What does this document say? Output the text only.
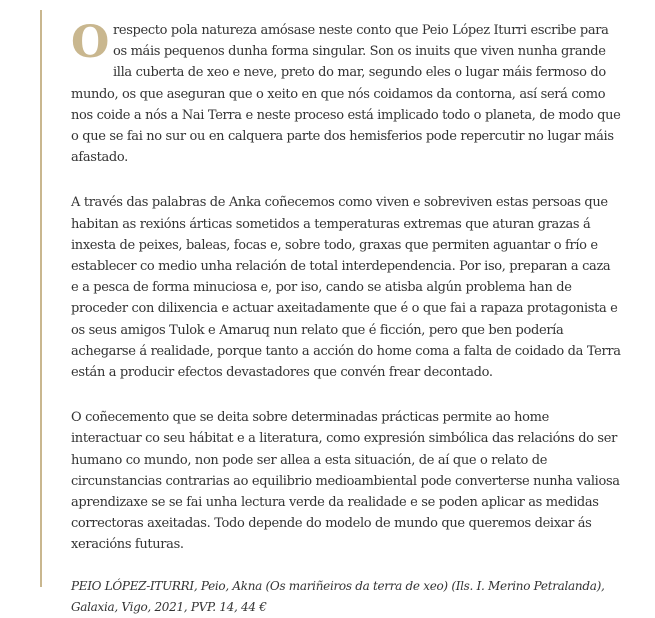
Orespecto pola natureza amósase neste conto que Peio López Iturri escribe para os máis pequenos dunha forma singular. Son os inuits que viven nunha grande illa cuberta de xeo e neve, preto do mar, segundo eles o lugar máis fermoso do mundo, os que aseguran que o xeito en que nós coidamos da contorna, así será como nos coide a nós a Nai Terra e neste proceso está implicado todo o planeta, de modo que o que se fai no sur ou en calquera parte dos hemisferios pode repercutir no lugar máis afastado.

A través das palabras de Anka coñecemos como viven e sobreviven estas persoas que habitan as rexións árticas sometidos a temperaturas extremas que aturan grazas á inxesta de peixes, baleas, focas e, sobre todo, graxas que permiten aguantar o frío e establecer co medio unha relación de total interdependencia. Por iso, preparan a caza e a pesca de forma minuciosa e, por iso, cando se atisba algún problema han de proceder con dilixencia e actuar axeitadamente que é o que fai a rapaza protagonista e os seus amigos Tulok e Amaruq nun relato que é ficción, pero que ben podería achegarse á realidade, porque tanto a acción do home coma a falta de coidado da Terra están a producir efectos devastadores que convén frear decontado.

O coñecemento que se deita sobre determinadas prácticas permite ao home interactuar co seu hábitat e a literatura, como expresión simbólica das relacións do ser humano co mundo, non pode ser allea a esta situación, de aí que o relato de circunstancias contrarias ao equilibrio medioambiental pode converterse nunha valiosa aprendizaxe se se fai unha lectura verde da realidade e se poden aplicar as medidas correctoras axeitadas. Todo depende do modelo de mundo que queremos deixar ás xeracións futuras.

PEIO LÓPEZ-ITURRI, Peio, Akna (Os mariñeiros da terra de xeo) (Ils. I. Merino Petralanda), Galaxia, Vigo, 2021, PVP. 14, 44 €
